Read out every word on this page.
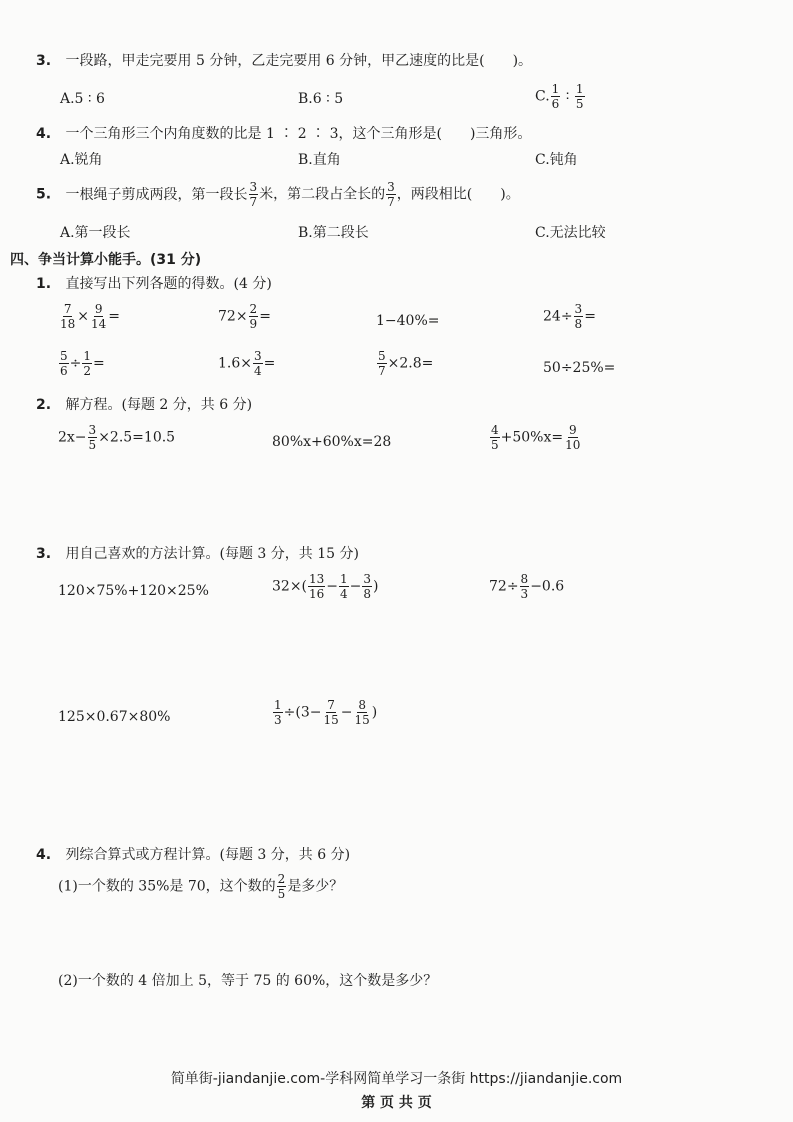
3. 一段路，甲走完要用 5 分钟，乙走完要用 6 分钟，甲乙速度的比是(　　)。
A.5 ∶ 6	B.6 ∶ 5	C. $\frac{1}{6}$ ∶ $\frac{1}{5}$
4. 一个三角形三个内角度数的比是 1 ∶ 2 ∶ 3，这个三角形是(　　)三角形。
A.锐角	B.直角	C.钝角
5. 一根绳子剪成两段，第一段长 $\frac{3}{7}$ 米，第二段占全长的 $\frac{3}{7}$ ，两段相比(　　)。
A.第一段长	B.第二段长	C.无法比较
四、争当计算小能手。(31 分)
1. 直接写出下列各题的得数。(4 分)
$\frac{7}{18} \times \frac{9}{14}$ =	$72\times \frac{2}{9}$ =	1−40%=	$24\div \frac{3}{8}$ =
$\frac{5}{6} \div \frac{1}{2}$ =	$1.6\times \frac{3}{4}$ =	$\frac{5}{7} \times 2.8=$	50÷25%=
2. 解方程。(每题 2 分，共 6 分)
$2x- \frac{3}{5} \times 2.5=10.5$	80%x+60%x=28	$\frac{4}{5} +50\%x= \frac{9}{10}$
3. 用自己喜欢的方法计算。(每题 3 分，共 15 分)
120×75%+120×25%	$32\times( \frac{13}{16} - \frac{1}{4} - \frac{3}{8}$ )	$72\div \frac{8}{3} -0.6$
125×0.67×80%	$\frac{1}{3} \div(3- \frac{7}{15} - \frac{8}{15}$ )
4. 列综合算式或方程计算。(每题 3 分，共 6 分)
(1)一个数的 35%是 70，这个数的 $\frac{2}{5}$ 是多少？
(2)一个数的 4 倍加上 5，等于 75 的 60%，这个数是多少？
简单街-jiandanjie.com-学科网简单学习一条街 https://jiandanjie.com
第 页 共 页
